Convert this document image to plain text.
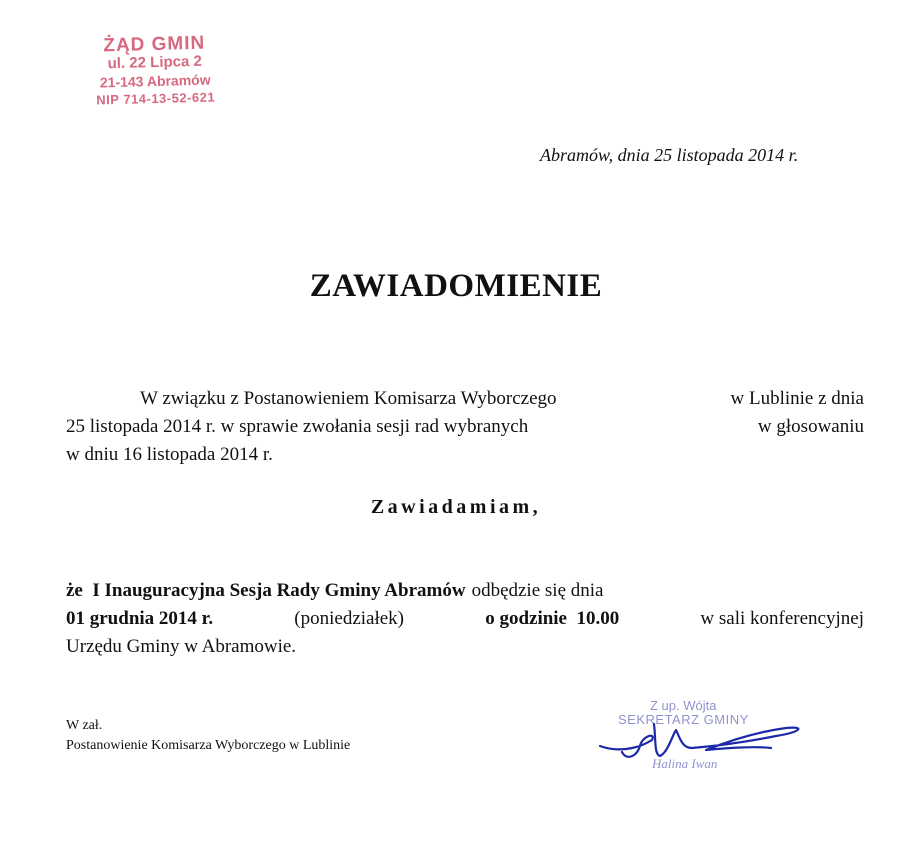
ŻĄD GMIN
ul. 22 Lipca 2
21-143 Abramów
NIP 714-13-52-621
Abramów, dnia 25 listopada 2014 r.
ZAWIADOMIENIE
W związku z Postanowieniem Komisarza Wyborczego	w Lublinie z dnia
25 listopada 2014 r. w sprawie zwołania sesji rad wybranych	w głosowaniu
w dniu 16 listopada 2014 r.
Zawiadamiam,
że  I Inauguracyjna Sesja Rady Gminy Abramów odbędzie się dnia
01 grudnia 2014 r.	(poniedziałek)	o godzinie  10.00	w sali konferencyjnej
Urzędu Gminy w Abramowie.
W zał.
Postanowienie Komisarza Wyborczego w Lublinie
Z up. Wójta
SEKRETARZ GMINY
Halina Iwan
